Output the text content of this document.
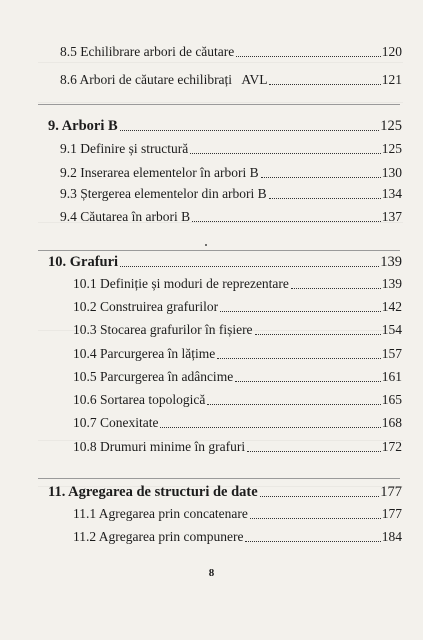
8.5 Echilibrare arbori de căutare	120
8.6 Arbori de căutare echilibrați   AVL	121
9. Arbori B	125
9.1 Definire și structură	125
9.2 Inserarea elementelor în arbori B	130
9.3 Ștergerea elementelor din arbori B	134
9.4 Căutarea în arbori B	137
10. Grafuri	139
10.1 Definiție și moduri de reprezentare	139
10.2 Construirea grafurilor	142
10.3 Stocarea grafurilor în fișiere	154
10.4 Parcurgerea în lățime	157
10.5 Parcurgerea în adâncime	161
10.6 Sortarea topologică	165
10.7 Conexitate	168
10.8 Drumuri minime în grafuri	172
11. Agregarea de structuri de date	177
11.1 Agregarea prin concatenare	177
11.2 Agregarea prin compunere	184
8
